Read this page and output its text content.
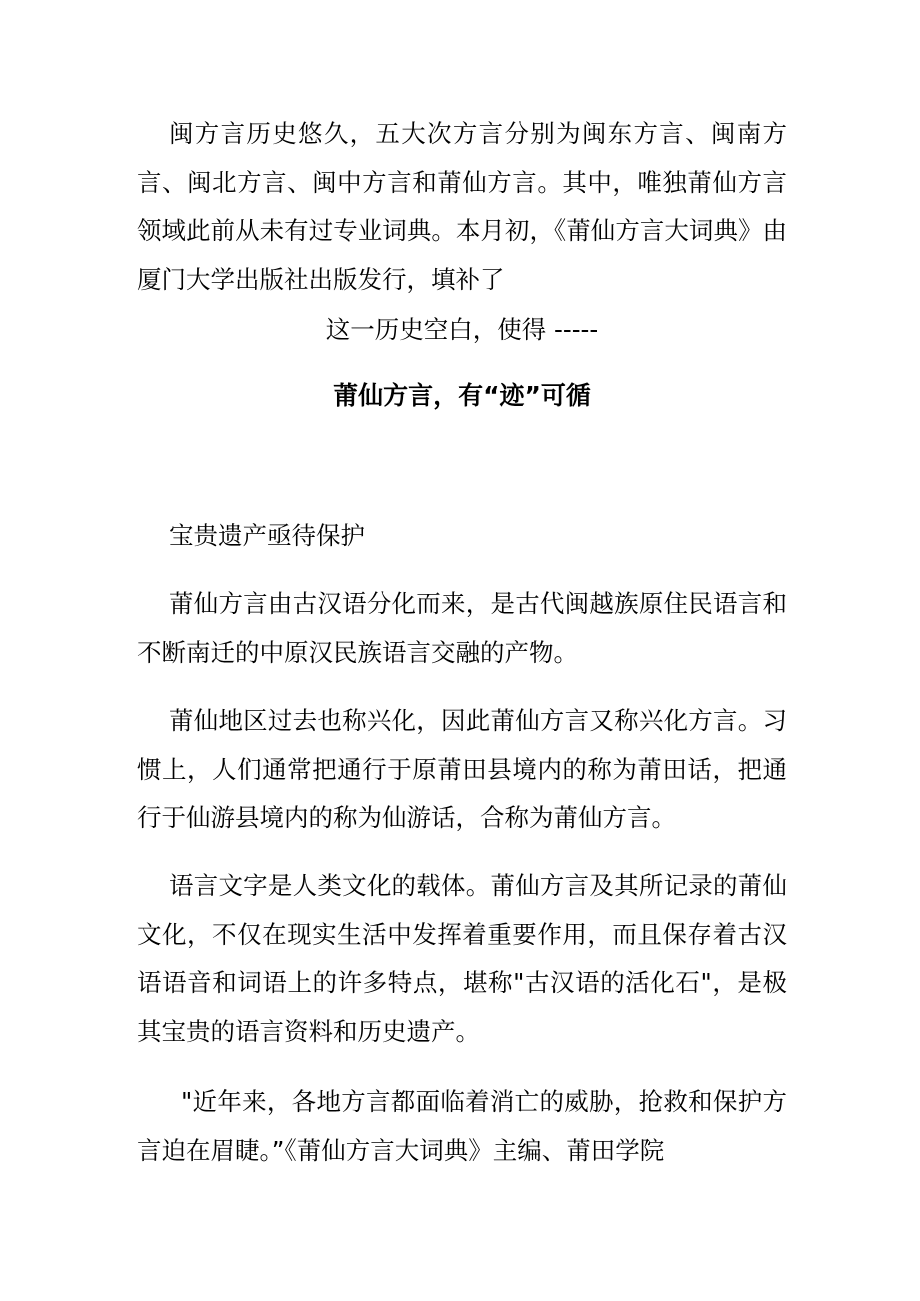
闽方言历史悠久，五大次方言分别为闽东方言、闽南方言、闽北方言、闽中方言和莆仙方言。其中，唯独莆仙方言领域此前从未有过专业词典。本月初，《莆仙方言大词典》由厦门大学出版社出版发行，填补了

这一历史空白，使得 -----

莆仙方言，有“迹”可循
宝贵遗产亟待保护

莆仙方言由古汉语分化而来，是古代闽越族原住民语言和不断南迁的中原汉民族语言交融的产物。

莆仙地区过去也称兴化，因此莆仙方言又称兴化方言。习惯上，人们通常把通行于原莆田县境内的称为莆田话，把通行于仙游县境内的称为仙游话，合称为莆仙方言。

语言文字是人类文化的载体。莆仙方言及其所记录的莆仙文化，不仅在现实生活中发挥着重要作用，而且保存着古汉语语音和词语上的许多特点，堪称"古汉语的活化石"，是极其宝贵的语言资料和历史遗产。

"近年来，各地方言都面临着消亡的威胁，抢救和保护方言迫在眉睫。”《莆仙方言大词典》主编、莆田学院
